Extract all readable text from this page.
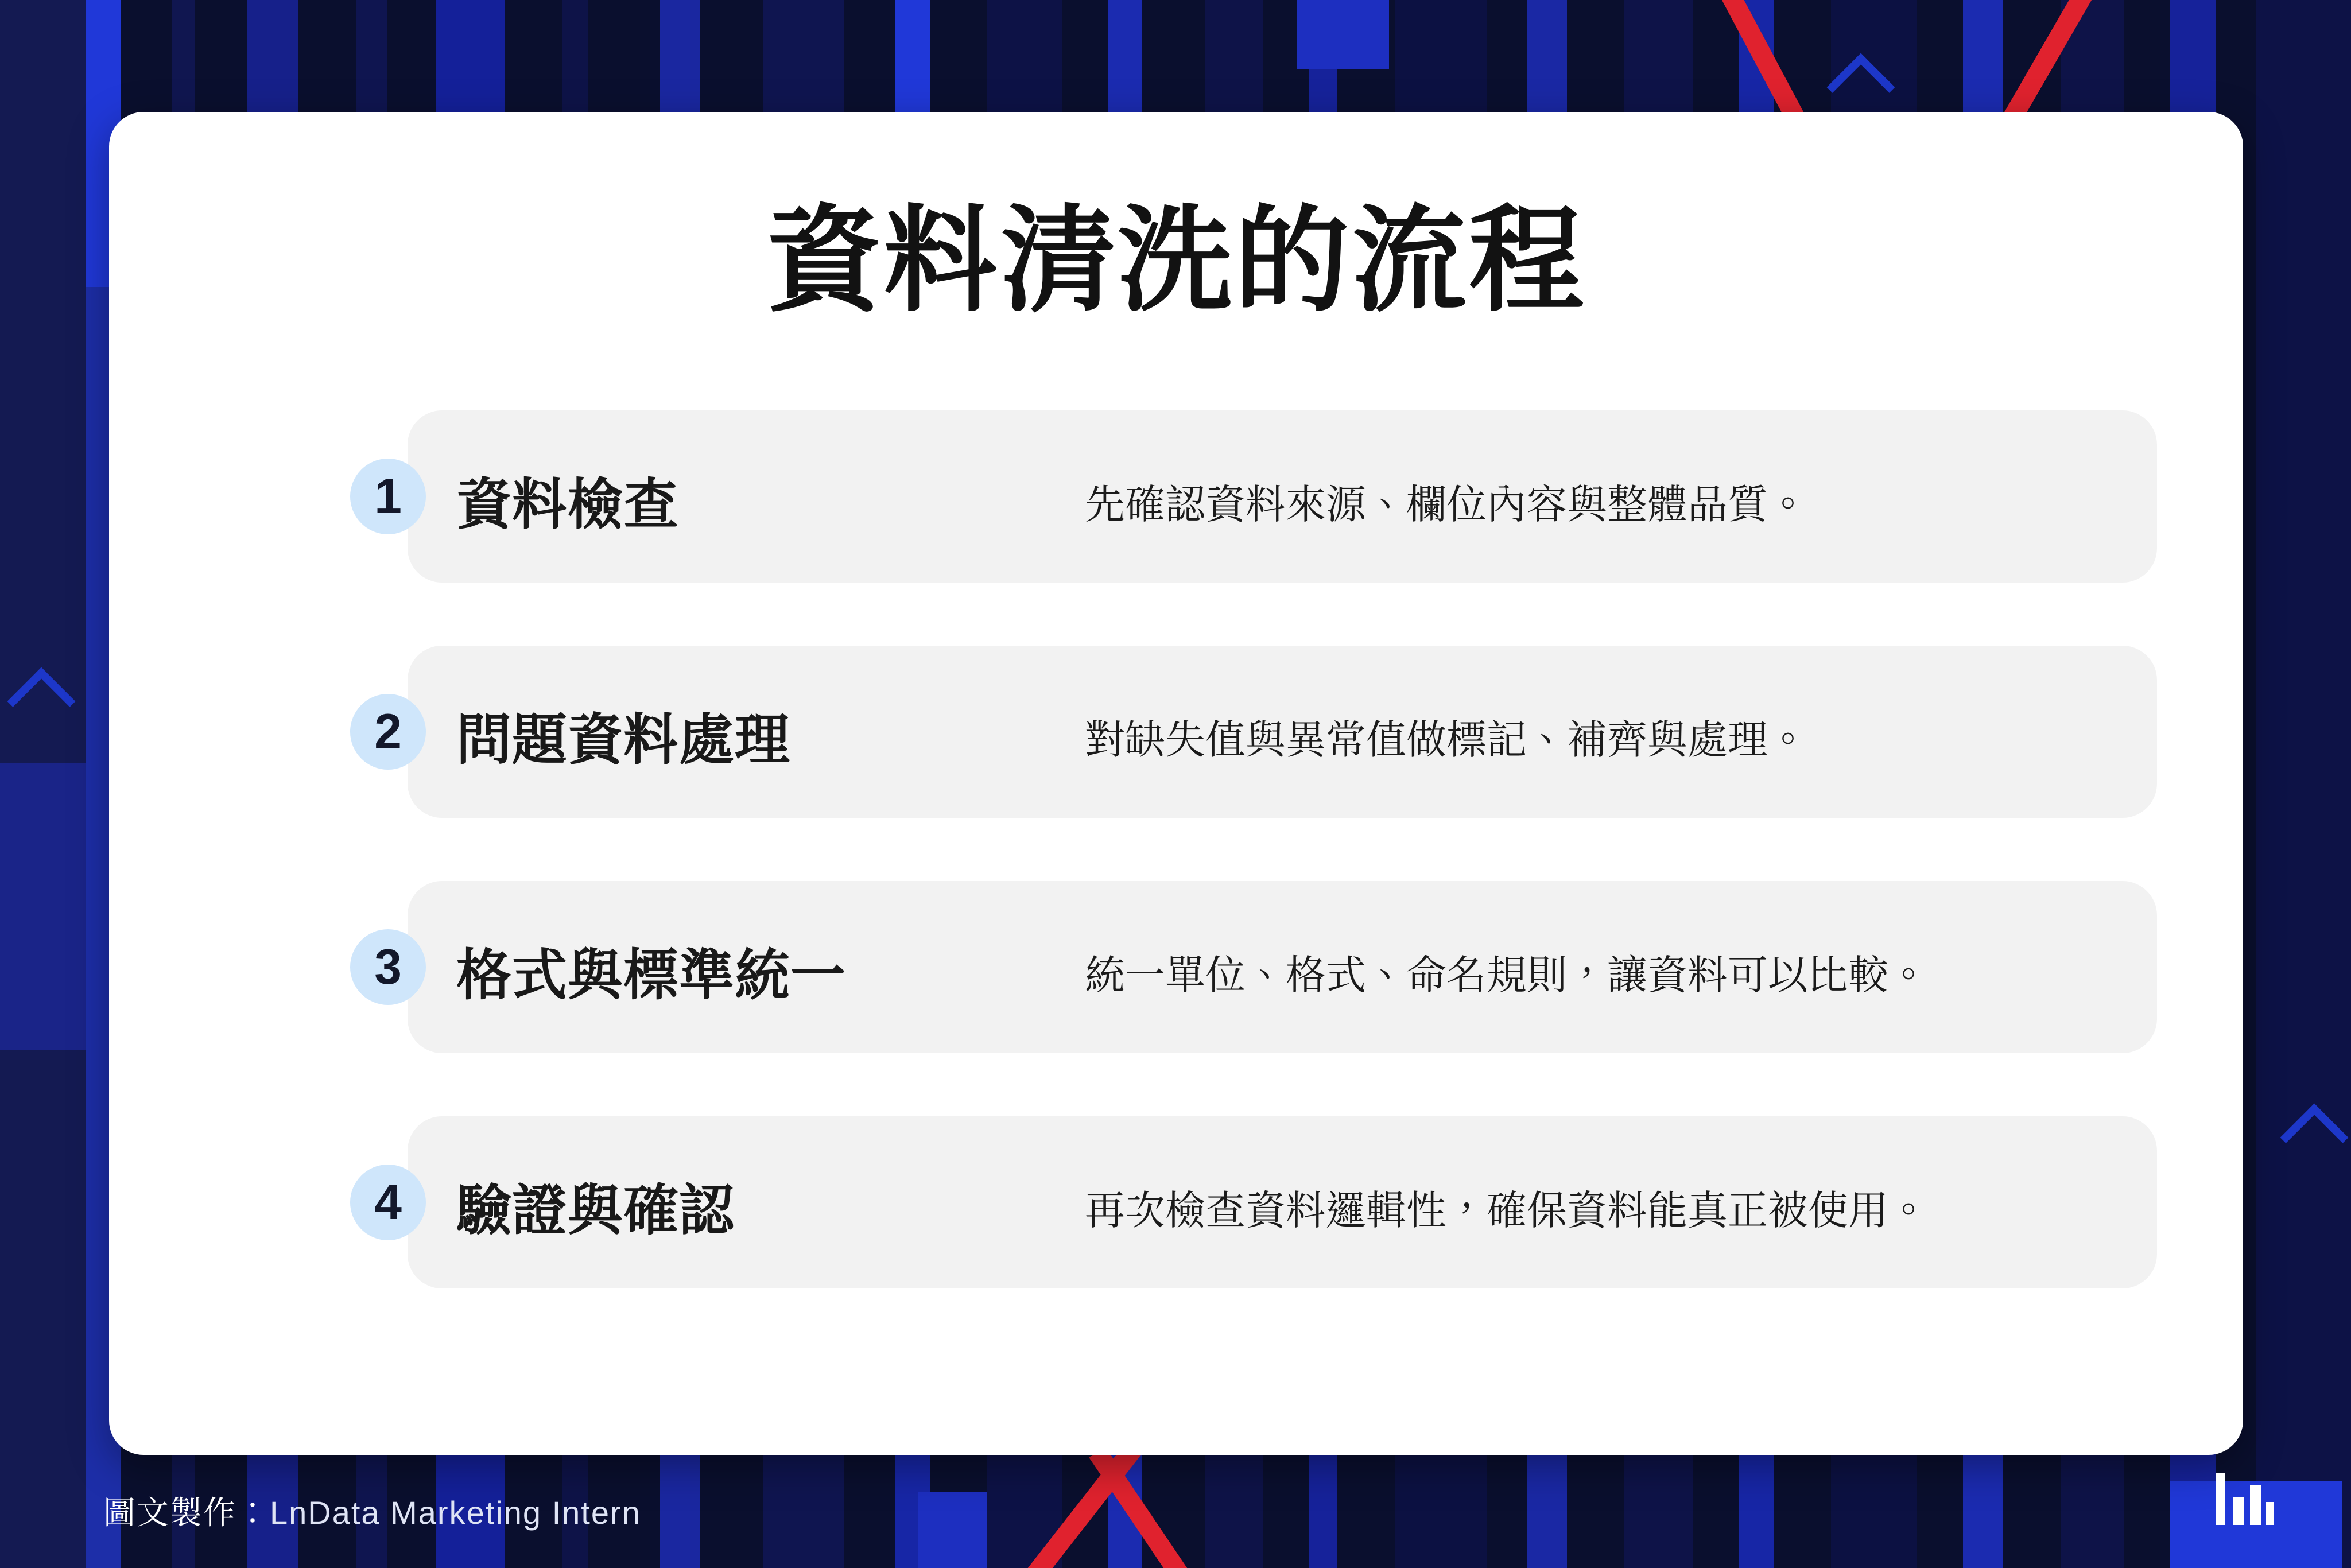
資料清洗的流程
1 資料檢查	先確認資料來源、欄位內容與整體品質。
2 問題資料處理	對缺失值與異常值做標記、補齊與處理。
3 格式與標準統一	統一單位、格式、命名規則，讓資料可以比較。
4 驗證與確認	再次檢查資料邏輯性，確保資料能真正被使用。
圖文製作：LnData Marketing Intern
